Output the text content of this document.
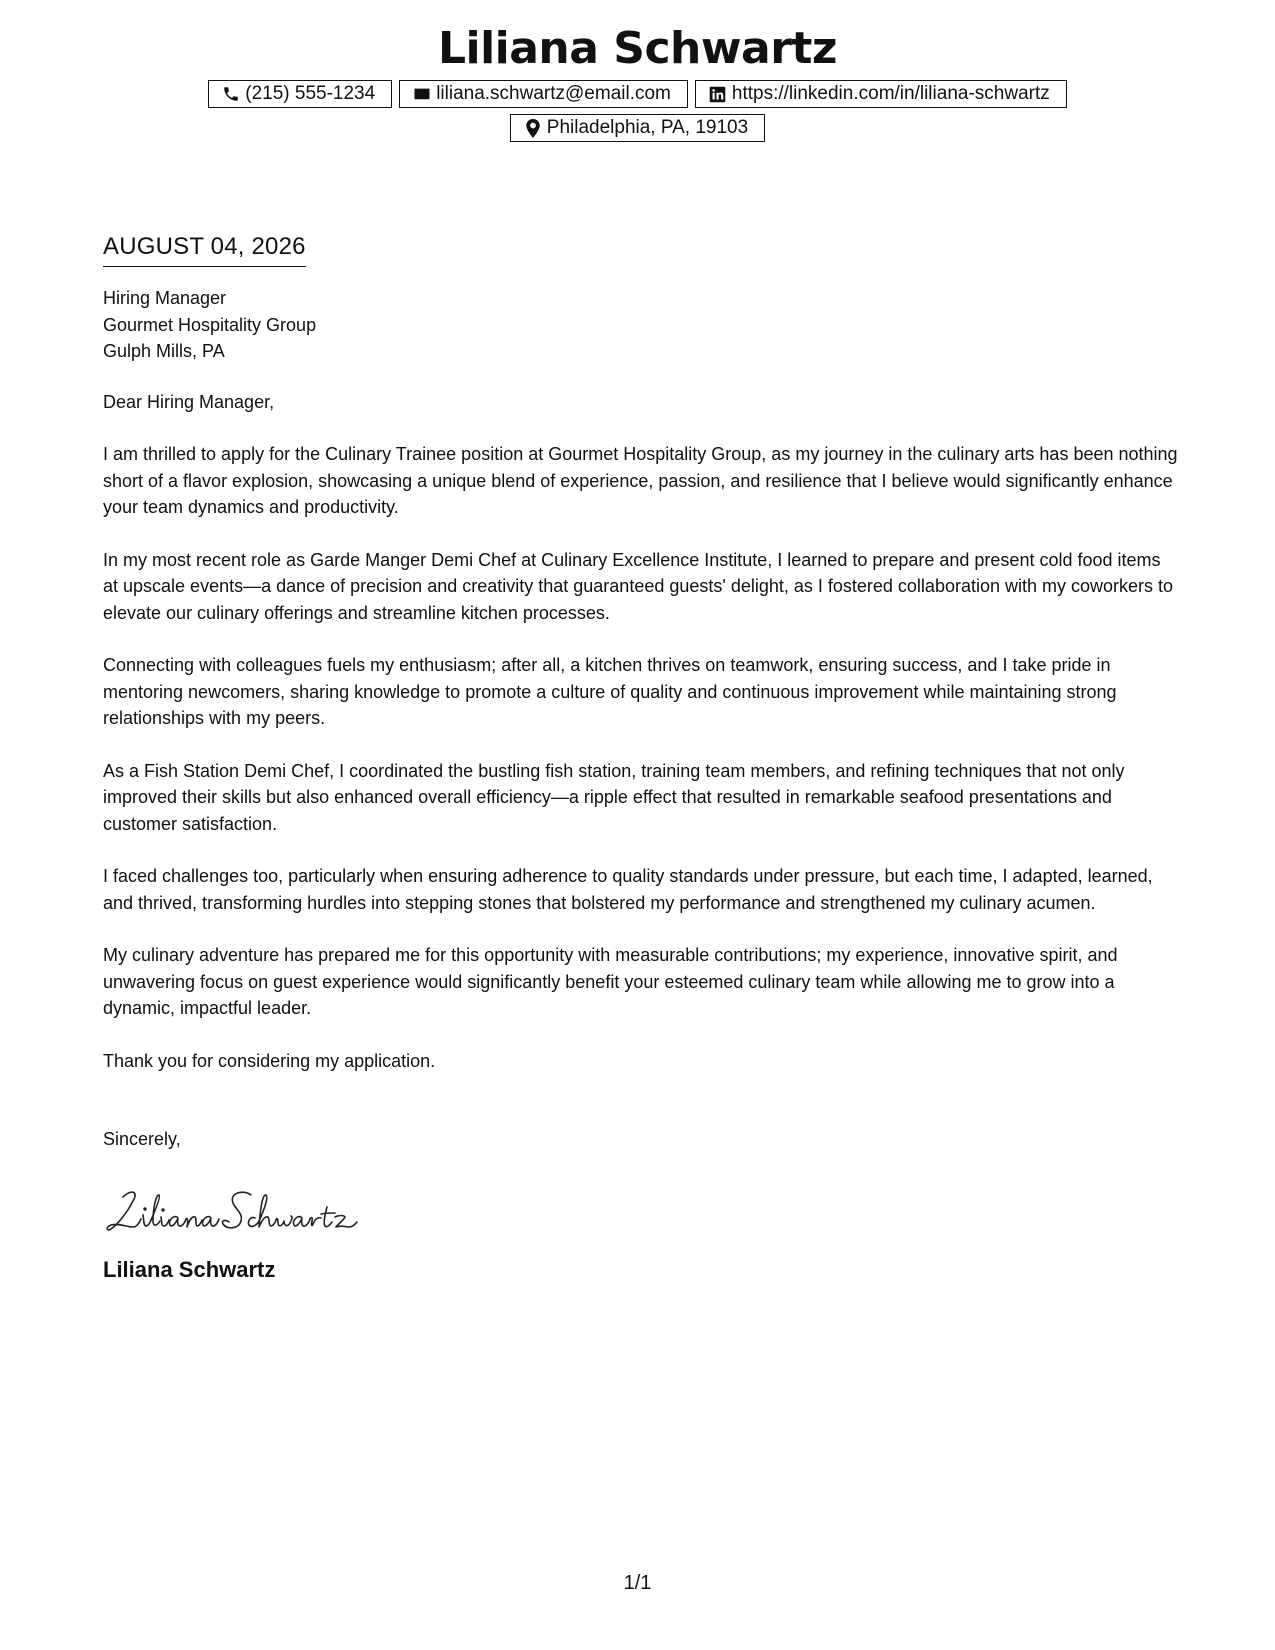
Liliana Schwartz
(215) 555-1234	liliana.schwartz@email.com	https://linkedin.com/in/liliana-schwartz
Philadelphia, PA, 19103
AUGUST 04, 2026
Hiring Manager
Gourmet Hospitality Group
Gulph Mills, PA
Dear Hiring Manager,
I am thrilled to apply for the Culinary Trainee position at Gourmet Hospitality Group, as my journey in the culinary arts has been nothing short of a flavor explosion, showcasing a unique blend of experience, passion, and resilience that I believe would significantly enhance your team dynamics and productivity.
In my most recent role as Garde Manger Demi Chef at Culinary Excellence Institute, I learned to prepare and present cold food items at upscale events—a dance of precision and creativity that guaranteed guests' delight, as I fostered collaboration with my coworkers to elevate our culinary offerings and streamline kitchen processes.
Connecting with colleagues fuels my enthusiasm; after all, a kitchen thrives on teamwork, ensuring success, and I take pride in mentoring newcomers, sharing knowledge to promote a culture of quality and continuous improvement while maintaining strong relationships with my peers.
As a Fish Station Demi Chef, I coordinated the bustling fish station, training team members, and refining techniques that not only improved their skills but also enhanced overall efficiency—a ripple effect that resulted in remarkable seafood presentations and customer satisfaction.
I faced challenges too, particularly when ensuring adherence to quality standards under pressure, but each time, I adapted, learned, and thrived, transforming hurdles into stepping stones that bolstered my performance and strengthened my culinary acumen.
My culinary adventure has prepared me for this opportunity with measurable contributions; my experience, innovative spirit, and unwavering focus on guest experience would significantly benefit your esteemed culinary team while allowing me to grow into a dynamic, impactful leader.
Thank you for considering my application.
Sincerely,
Liliana Schwartz
1/1
